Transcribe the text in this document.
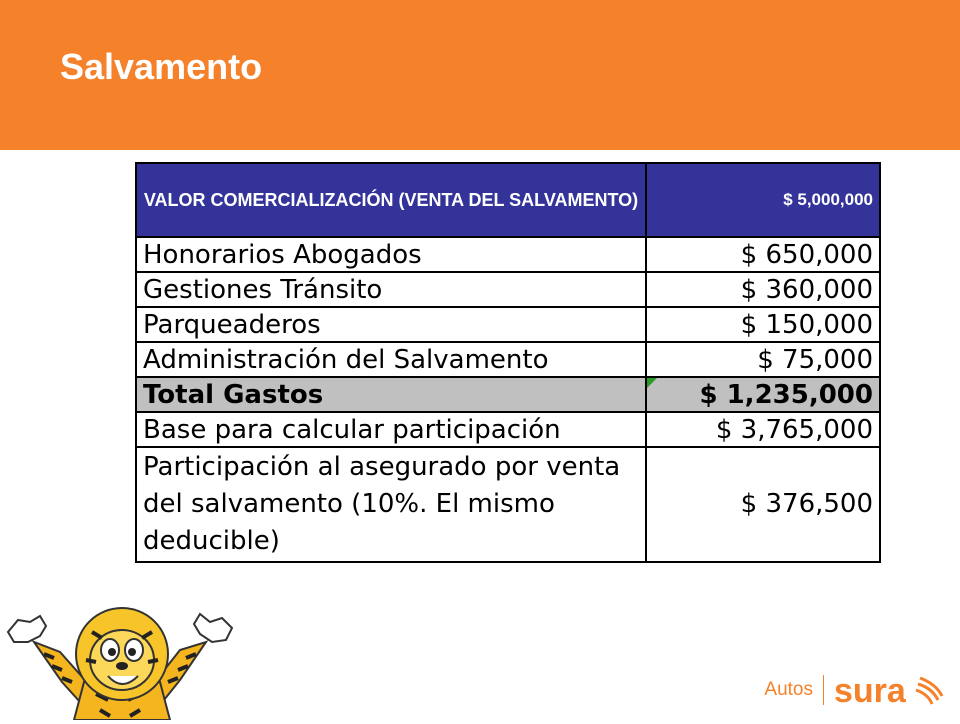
Salvamento
VALOR COMERCIALIZACIÓN (VENTA DEL SALVAMENTO)	$ 5,000,000
Honorarios Abogados	$ 650,000
Gestiones Tránsito	$ 360,000
Parqueaderos	$ 150,000
Administración del Salvamento	$ 75,000
Total Gastos	$ 1,235,000
Base para calcular participación	$ 3,765,000
Participación al asegurado por venta del salvamento (10%. El mismo deducible)	$ 376,500
Autos sura
